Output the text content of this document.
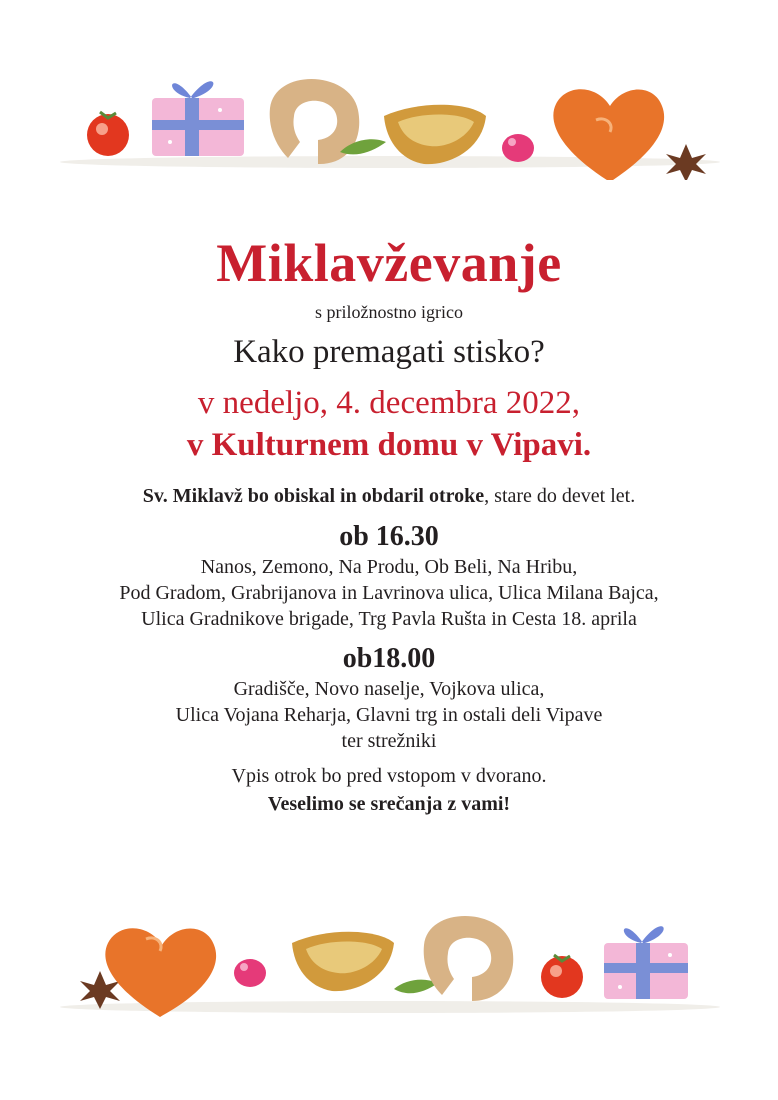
Miklavževanje
s priložnostno igrico
Kako premagati stisko?
v nedeljo, 4. decembra 2022,
v Kulturnem domu v Vipavi.
Sv. Miklavž bo obiskal in obdaril otroke, stare do devet let.
ob 16.30
Nanos, Zemono, Na Produ, Ob Beli, Na Hribu,
Pod Gradom, Grabrijanova in Lavrinova ulica, Ulica Milana Bajca,
Ulica Gradnikove brigade, Trg Pavla Rušta in Cesta 18. aprila
ob18.00
Gradišče, Novo naselje, Vojkova ulica,
Ulica Vojana Reharja, Glavni trg in ostali deli Vipave
ter strežniki
Vpis otrok bo pred vstopom v dvorano.
Veselimo se srečanja z vami!
